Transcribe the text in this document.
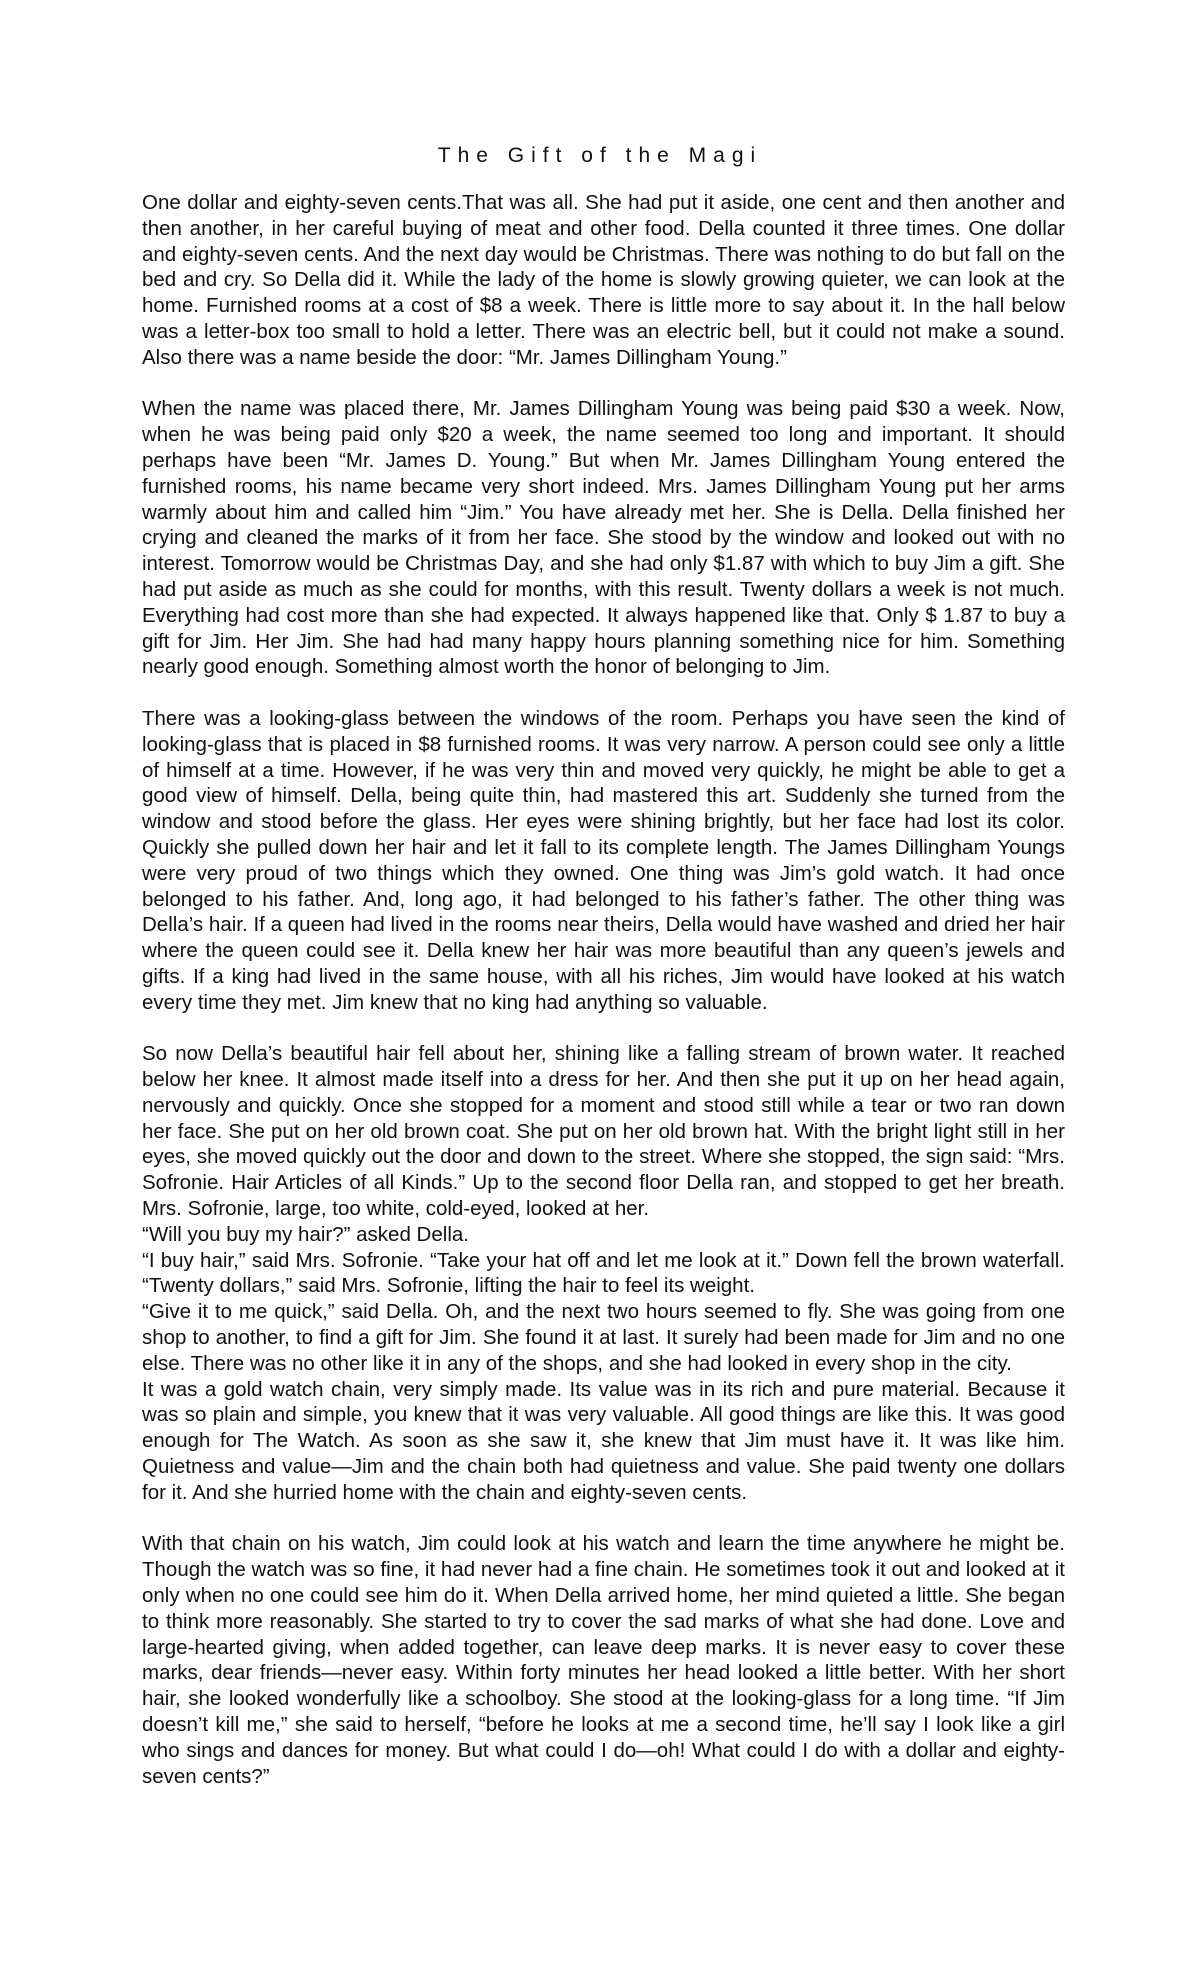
The Gift of the Magi

One dollar and eighty-seven cents.That was all. She had put it aside, one cent and then another and then another, in her careful buying of meat and other food. Della counted it three times. One dollar and eighty-seven cents. And the next day would be Christmas. There was nothing to do but fall on the bed and cry. So Della did it. While the lady of the home is slowly growing quieter, we can look at the home. Furnished rooms at a cost of $8 a week. There is little more to say about it. In the hall below was a letter-box too small to hold a letter. There was an electric bell, but it could not make a sound. Also there was a name beside the door: “Mr. James Dillingham Young.”

When the name was placed there, Mr. James Dillingham Young was being paid $30 a week. Now, when he was being paid only $20 a week, the name seemed too long and important. It should perhaps have been “Mr. James D. Young.” But when Mr. James Dillingham Young entered the furnished rooms, his name became very short indeed. Mrs. James Dillingham Young put her arms warmly about him and called him “Jim.” You have already met her. She is Della. Della finished her crying and cleaned the marks of it from her face. She stood by the window and looked out with no interest. Tomorrow would be Christmas Day, and she had only $1.87 with which to buy Jim a gift. She had put aside as much as she could for months, with this result. Twenty dollars a week is not much. Everything had cost more than she had expected. It always happened like that. Only $ 1.87 to buy a gift for Jim. Her Jim. She had had many happy hours planning something nice for him. Something nearly good enough. Something almost worth the honor of belonging to Jim.

There was a looking-glass between the windows of the room. Perhaps you have seen the kind of looking-glass that is placed in $8 furnished rooms. It was very narrow. A person could see only a little of himself at a time. However, if he was very thin and moved very quickly, he might be able to get a good view of himself. Della, being quite thin, had mastered this art. Suddenly she turned from the window and stood before the glass. Her eyes were shining brightly, but her face had lost its color. Quickly she pulled down her hair and let it fall to its complete length. The James Dillingham Youngs were very proud of two things which they owned. One thing was Jim’s gold watch. It had once belonged to his father. And, long ago, it had belonged to his father’s father. The other thing was Della’s hair. If a queen had lived in the rooms near theirs, Della would have washed and dried her hair where the queen could see it. Della knew her hair was more beautiful than any queen’s jewels and gifts. If a king had lived in the same house, with all his riches, Jim would have looked at his watch every time they met. Jim knew that no king had anything so valuable.

So now Della’s beautiful hair fell about her, shining like a falling stream of brown water. It reached below her knee. It almost made itself into a dress for her. And then she put it up on her head again, nervously and quickly. Once she stopped for a moment and stood still while a tear or two ran down her face. She put on her old brown coat. She put on her old brown hat. With the bright light still in her eyes, she moved quickly out the door and down to the street. Where she stopped, the sign said: “Mrs. Sofronie. Hair Articles of all Kinds.” Up to the second floor Della ran, and stopped to get her breath. Mrs. Sofronie, large, too white, cold-eyed, looked at her.
“Will you buy my hair?” asked Della.
“I buy hair,” said Mrs. Sofronie. “Take your hat off and let me look at it.” Down fell the brown waterfall. “Twenty dollars,” said Mrs. Sofronie, lifting the hair to feel its weight.
“Give it to me quick,” said Della. Oh, and the next two hours seemed to fly. She was going from one shop to another, to find a gift for Jim. She found it at last. It surely had been made for Jim and no one else. There was no other like it in any of the shops, and she had looked in every shop in the city.
It was a gold watch chain, very simply made. Its value was in its rich and pure material. Because it was so plain and simple, you knew that it was very valuable. All good things are like this. It was good enough for The Watch. As soon as she saw it, she knew that Jim must have it. It was like him. Quietness and value—Jim and the chain both had quietness and value. She paid twenty one dollars for it. And she hurried home with the chain and eighty-seven cents.

With that chain on his watch, Jim could look at his watch and learn the time anywhere he might be. Though the watch was so fine, it had never had a fine chain. He sometimes took it out and looked at it only when no one could see him do it. When Della arrived home, her mind quieted a little. She began to think more reasonably. She started to try to cover the sad marks of what she had done. Love and large-hearted giving, when added together, can leave deep marks. It is never easy to cover these marks, dear friends—never easy. Within forty minutes her head looked a little better. With her short hair, she looked wonderfully like a schoolboy. She stood at the looking-glass for a long time. “If Jim doesn’t kill me,” she said to herself, “before he looks at me a second time, he’ll say I look like a girl who sings and dances for money. But what could I do—oh! What could I do with a dollar and eighty-seven cents?”
